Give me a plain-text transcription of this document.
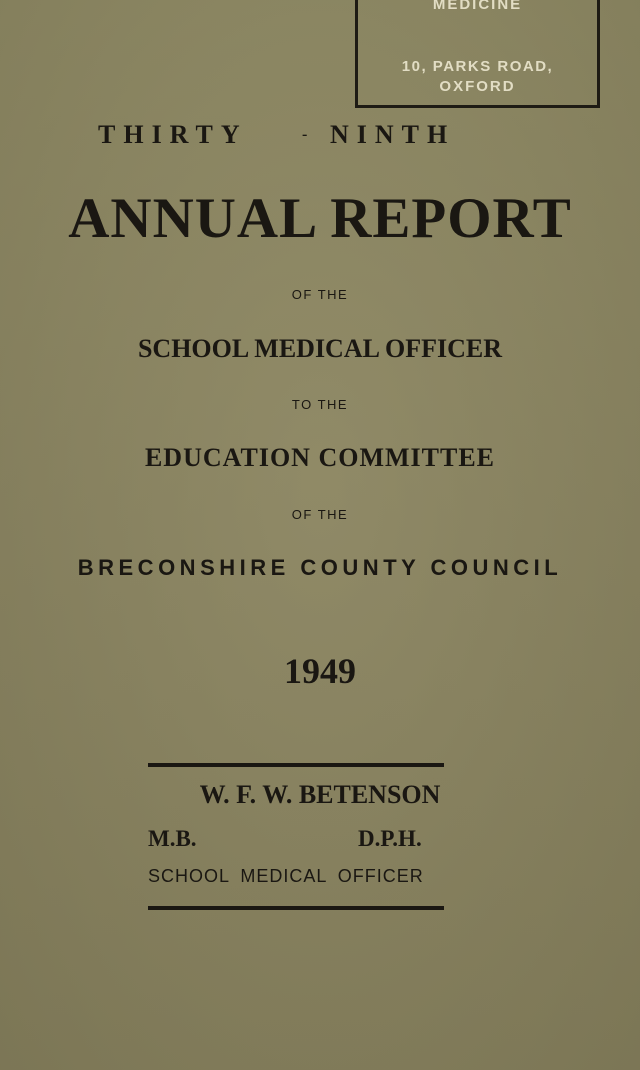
MEDICINE
10, PARKS ROAD,
OXFORD
THIRTY	- NINTH
ANNUAL REPORT
OF THE
SCHOOL MEDICAL OFFICER
TO THE
EDUCATION COMMITTEE
OF THE
BRECONSHIRE COUNTY COUNCIL
1949
W. F. W. BETENSON
M.B.	D.P.H.
SCHOOL MEDICAL OFFICER
